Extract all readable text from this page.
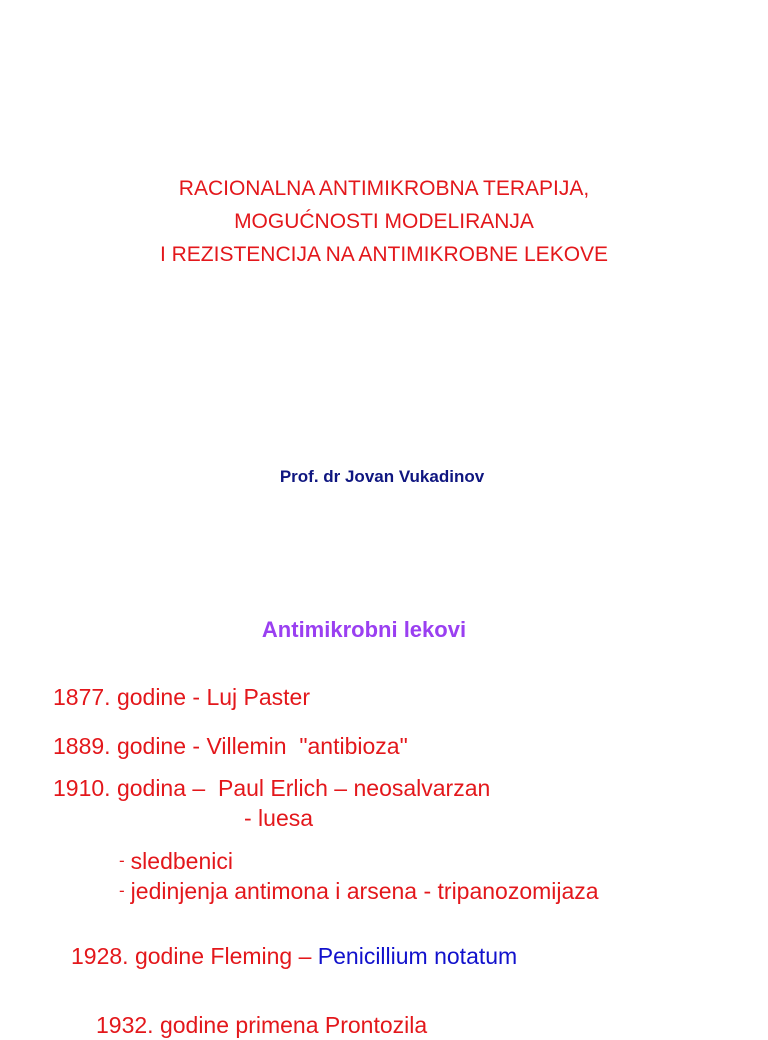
RACIONALNA ANTIMIKROBNA TERAPIJA,
MOGUĆNOSTI MODELIRANJA
I REZISTENCIJA NA ANTIMIKROBNE LEKOVE

Prof. dr Jovan Vukadinov

Antimikrobni lekovi

1877. godine - Luj Paster

1889. godine - Villemin  "antibioza"

1910. godina –  Paul Erlich – neosalvarzan

- luesa

- sledbenici

- jedinjenja antimona i arsena - tripanozomijaza

1928. godine Fleming – Penicillium notatum

1932. godine primena Prontozila
